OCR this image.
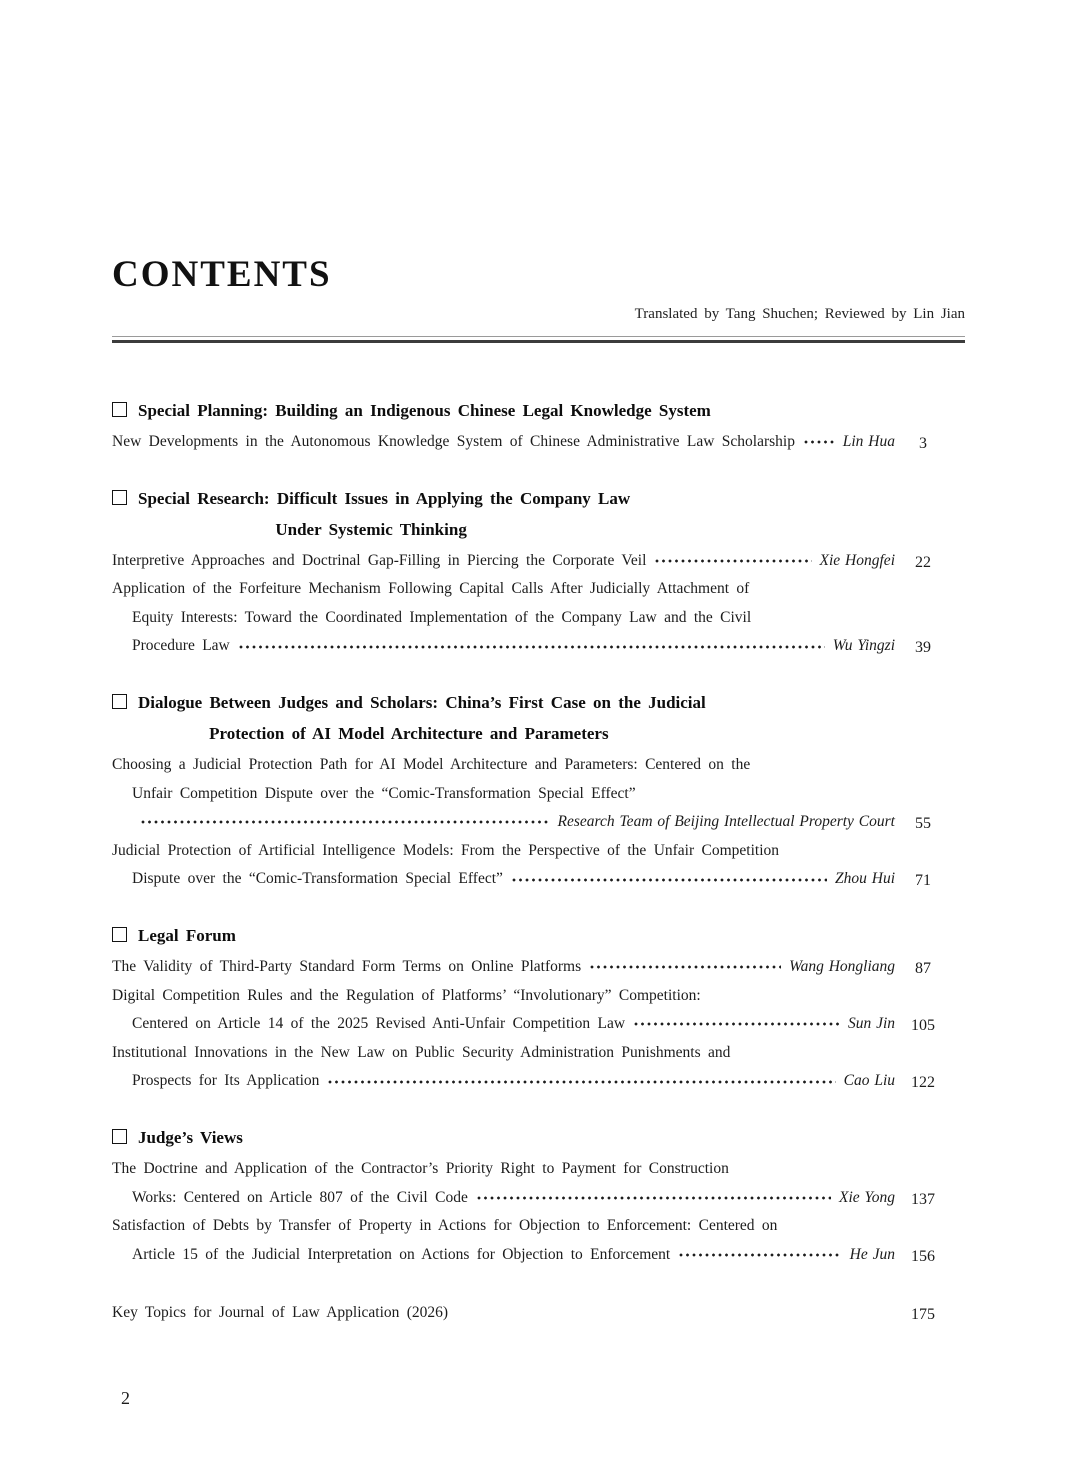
CONTENTS
Translated by Tang Shuchen; Reviewed by Lin Jian
Special Planning: Building an Indigenous Chinese Legal Knowledge System
New Developments in the Autonomous Knowledge System of Chinese Administrative Law Scholarship	Lin Hua	3
Special Research: Difficult Issues in Applying the Company Law
Under Systemic Thinking
Interpretive Approaches and Doctrinal Gap-Filling in Piercing the Corporate Veil	Xie Hongfei	22
Application of the Forfeiture Mechanism Following Capital Calls After Judicially Attachment of
Equity Interests: Toward the Coordinated Implementation of the Company Law and the Civil
Procedure Law	Wu Yingzi	39
Dialogue Between Judges and Scholars: China’s First Case on the Judicial
Protection of AI Model Architecture and Parameters
Choosing a Judicial Protection Path for AI Model Architecture and Parameters: Centered on the
Unfair Competition Dispute over the “Comic-Transformation Special Effect”
Research Team of Beijing Intellectual Property Court	55
Judicial Protection of Artificial Intelligence Models: From the Perspective of the Unfair Competition
Dispute over the “Comic-Transformation Special Effect”	Zhou Hui	71
Legal Forum
The Validity of Third-Party Standard Form Terms on Online Platforms	Wang Hongliang	87
Digital Competition Rules and the Regulation of Platforms’ “Involutionary” Competition:
Centered on Article 14 of the 2025 Revised Anti-Unfair Competition Law	Sun Jin	105
Institutional Innovations in the New Law on Public Security Administration Punishments and
Prospects for Its Application	Cao Liu	122
Judge’s Views
The Doctrine and Application of the Contractor’s Priority Right to Payment for Construction
Works: Centered on Article 807 of the Civil Code	Xie Yong	137
Satisfaction of Debts by Transfer of Property in Actions for Objection to Enforcement: Centered on
Article 15 of the Judicial Interpretation on Actions for Objection to Enforcement	He Jun	156
Key Topics for Journal of Law Application (2026)	175
2
